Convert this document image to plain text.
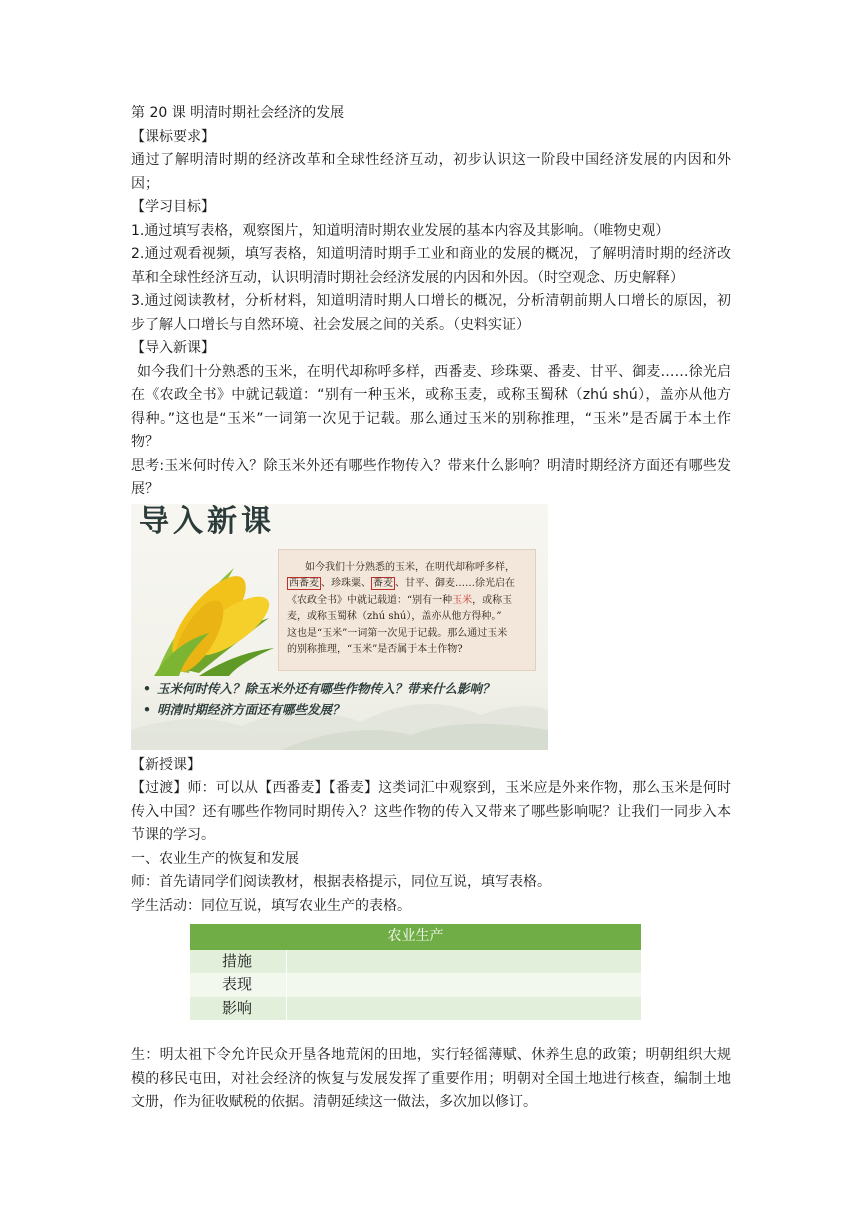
第 20 课 明清时期社会经济的发展

【课标要求】

通过了解明清时期的经济改革和全球性经济互动，初步认识这一阶段中国经济发展的内因和外因；

【学习目标】

1.通过填写表格，观察图片，知道明清时期农业发展的基本内容及其影响。（唯物史观）

2.通过观看视频，填写表格，知道明清时期手工业和商业的发展的概况，了解明清时期的经济改革和全球性经济互动，认识明清时期社会经济发展的内因和外因。（时空观念、历史解释）

3.通过阅读教材，分析材料，知道明清时期人口增长的概况，分析清朝前期人口增长的原因，初步了解人口增长与自然环境、社会发展之间的关系。（史料实证）

【导入新课】

如今我们十分熟悉的玉米，在明代却称呼多样，西番麦、珍珠粟、番麦、甘平、御麦……徐光启在《农政全书》中就记载道：“别有一种玉米，或称玉麦，或称玉蜀秫（zhú shú），盖亦从他方得种。”这也是“玉米”一词第一次见于记载。那么通过玉米的别称推理，“玉米”是否属于本土作物？

思考:玉米何时传入？除玉米外还有哪些作物传入？带来什么影响？明清时期经济方面还有哪些发展？

导入新课
如今我们十分熟悉的玉米，在明代却称呼多样，
西番麦 、珍珠粟、 番麦 、甘平、御麦……徐光启在
《农政全书》中就记载道：“别有一种玉米，或称玉
麦，或称玉蜀秫（zhú shú），盖亦从他方得种。”
这也是“玉米”一词第一次见于记载。那么通过玉米
的别称推理，“玉米”是否属于本土作物?
• 玉米何时传入？除玉米外还有哪些作物传入？带来什么影响？
• 明清时期经济方面还有哪些发展？

【新授课】

【过渡】师：可以从【西番麦】【番麦】这类词汇中观察到，玉米应是外来作物，那么玉米是何时传入中国？还有哪些作物同时期传入？这些作物的传入又带来了哪些影响呢？让我们一同步入本节课的学习。

一、农业生产的恢复和发展

师：首先请同学们阅读教材，根据表格提示，同位互说，填写表格。

学生活动：同位互说，填写农业生产的表格。

农业生产	
措施	
表现	
影响	

生：明太祖下令允许民众开垦各地荒闲的田地，实行轻徭薄赋、休养生息的政策；明朝组织大规模的移民屯田，对社会经济的恢复与发展发挥了重要作用；明朝对全国土地进行核查，编制土地文册，作为征收赋税的依据。清朝延续这一做法，多次加以修订。
